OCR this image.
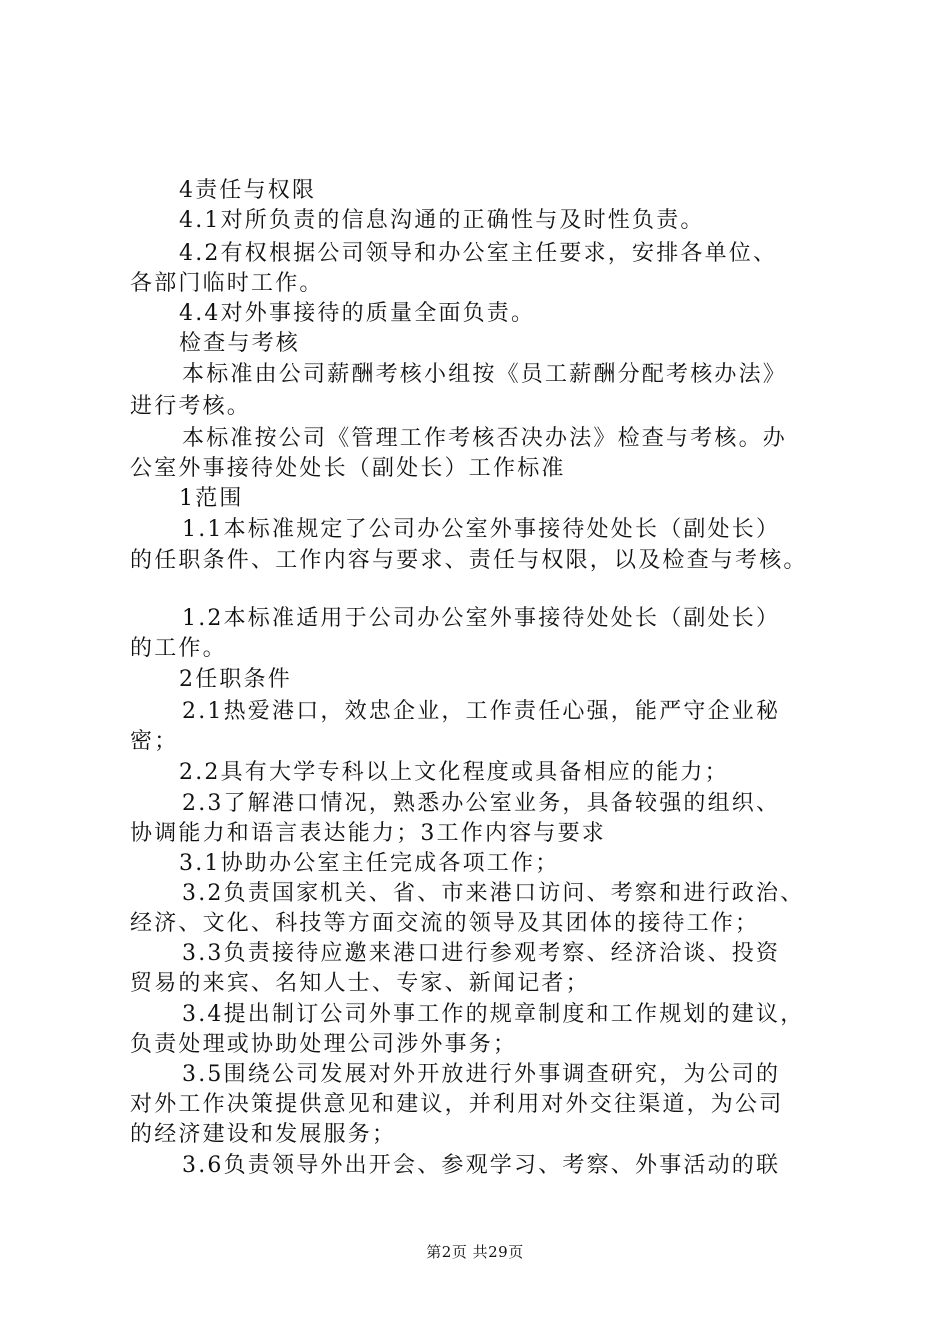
4责任与权限
4.1对所负责的信息沟通的正确性与及时性负责。
4.2有权根据公司领导和办公室主任要求，安排各单位、
各部门临时工作。
4.4对外事接待的质量全面负责。
检查与考核
本标准由公司薪酬考核小组按《员工薪酬分配考核办法》
进行考核。
本标准按公司《管理工作考核否决办法》检查与考核。办
公室外事接待处处长（副处长）工作标准
1范围
1.1本标准规定了公司办公室外事接待处处长（副处长）
的任职条件、工作内容与要求、责任与权限，以及检查与考核。
1.2本标准适用于公司办公室外事接待处处长（副处长）
的工作。
2任职条件
2.1热爱港口，效忠企业，工作责任心强，能严守企业秘
密；
2.2具有大学专科以上文化程度或具备相应的能力；
2.3了解港口情况，熟悉办公室业务，具备较强的组织、
协调能力和语言表达能力；3工作内容与要求
3.1协助办公室主任完成各项工作；
3.2负责国家机关、省、市来港口访问、考察和进行政治、
经济、文化、科技等方面交流的领导及其团体的接待工作；
3.3负责接待应邀来港口进行参观考察、经济洽谈、投资
贸易的来宾、名知人士、专家、新闻记者；
3.4提出制订公司外事工作的规章制度和工作规划的建议，
负责处理或协助处理公司涉外事务；
3.5围绕公司发展对外开放进行外事调查研究，为公司的
对外工作决策提供意见和建议，并利用对外交往渠道，为公司
的经济建设和发展服务；
3.6负责领导外出开会、参观学习、考察、外事活动的联
第2页 共29页
